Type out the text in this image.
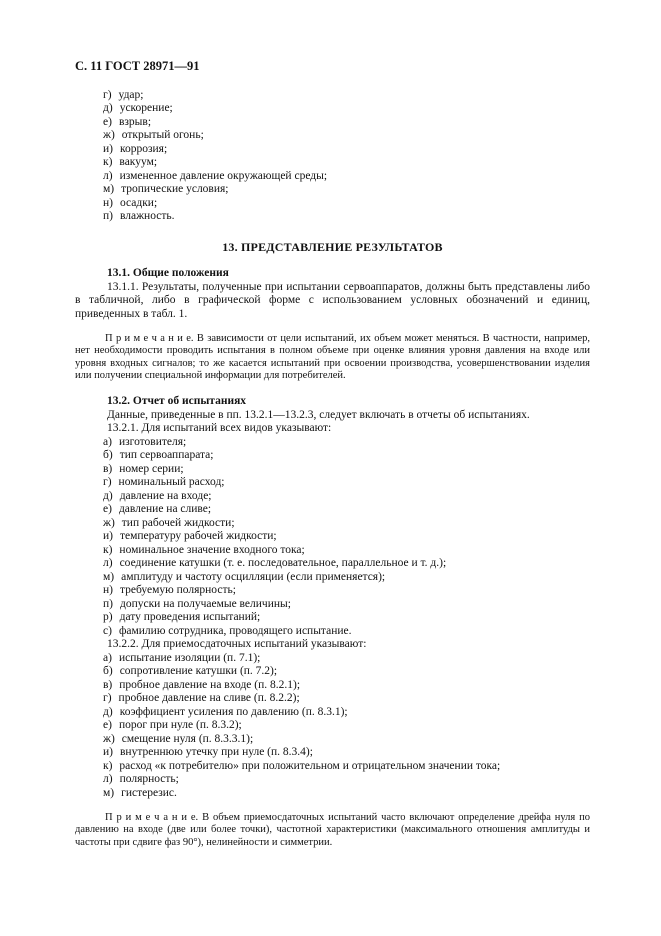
С. 11 ГОСТ 28971—91
г) удар;
д) ускорение;
е) взрыв;
ж) открытый огонь;
и) коррозия;
к) вакуум;
л) измененное давление окружающей среды;
м) тропические условия;
н) осадки;
п) влажность.
13. ПРЕДСТАВЛЕНИЕ РЕЗУЛЬТАТОВ
13.1. Общие положения

13.1.1. Результаты, полученные при испытании сервоаппаратов, должны быть представлены либо в табличной, либо в графической форме с использованием условных обозначений и единиц, приведенных в табл. 1.

П р и м е ч а н и е. В зависимости от цели испытаний, их объем может меняться. В частности, например, нет необходимости проводить испытания в полном объеме при оценке влияния уровня давления на входе или уровня входных сигналов; то же касается испытаний при освоении производства, усовершенствовании изделия или получении специальной информации для потребителей.

13.2. Отчет об испытаниях

Данные, приведенные в пп. 13.2.1—13.2.3, следует включать в отчеты об испытаниях.

13.2.1. Для испытаний всех видов указывают:

а) изготовителя;
б) тип сервоаппарата;
в) номер серии;
г) номинальный расход;
д) давление на входе;
е) давление на сливе;
ж) тип рабочей жидкости;
и) температуру рабочей жидкости;
к) номинальное значение входного тока;
л) соединение катушки (т. е. последовательное, параллельное и т. д.);
м) амплитуду и частоту осцилляции (если применяется);
н) требуемую полярность;
п) допуски на получаемые величины;
р) дату проведения испытаний;
с) фамилию сотрудника, проводящего испытание.

13.2.2. Для приемосдаточных испытаний указывают:

а) испытание изоляции (п. 7.1);
б) сопротивление катушки (п. 7.2);
в) пробное давление на входе (п. 8.2.1);
г) пробное давление на сливе (п. 8.2.2);
д) коэффициент усиления по давлению (п. 8.3.1);
е) порог при нуле (п. 8.3.2);
ж) смещение нуля (п. 8.3.3.1);
и) внутреннюю утечку при нуле (п. 8.3.4);
к) расход «к потребителю» при положительном и отрицательном значении тока;
л) полярность;
м) гистерезис.

П р и м е ч а н и е. В объем приемосдаточных испытаний часто включают определение дрейфа нуля по давлению на входе (две или более точки), частотной характеристики (максимального отношения амплитуды и частоты при сдвиге фаз 90°), нелинейности и симметрии.
